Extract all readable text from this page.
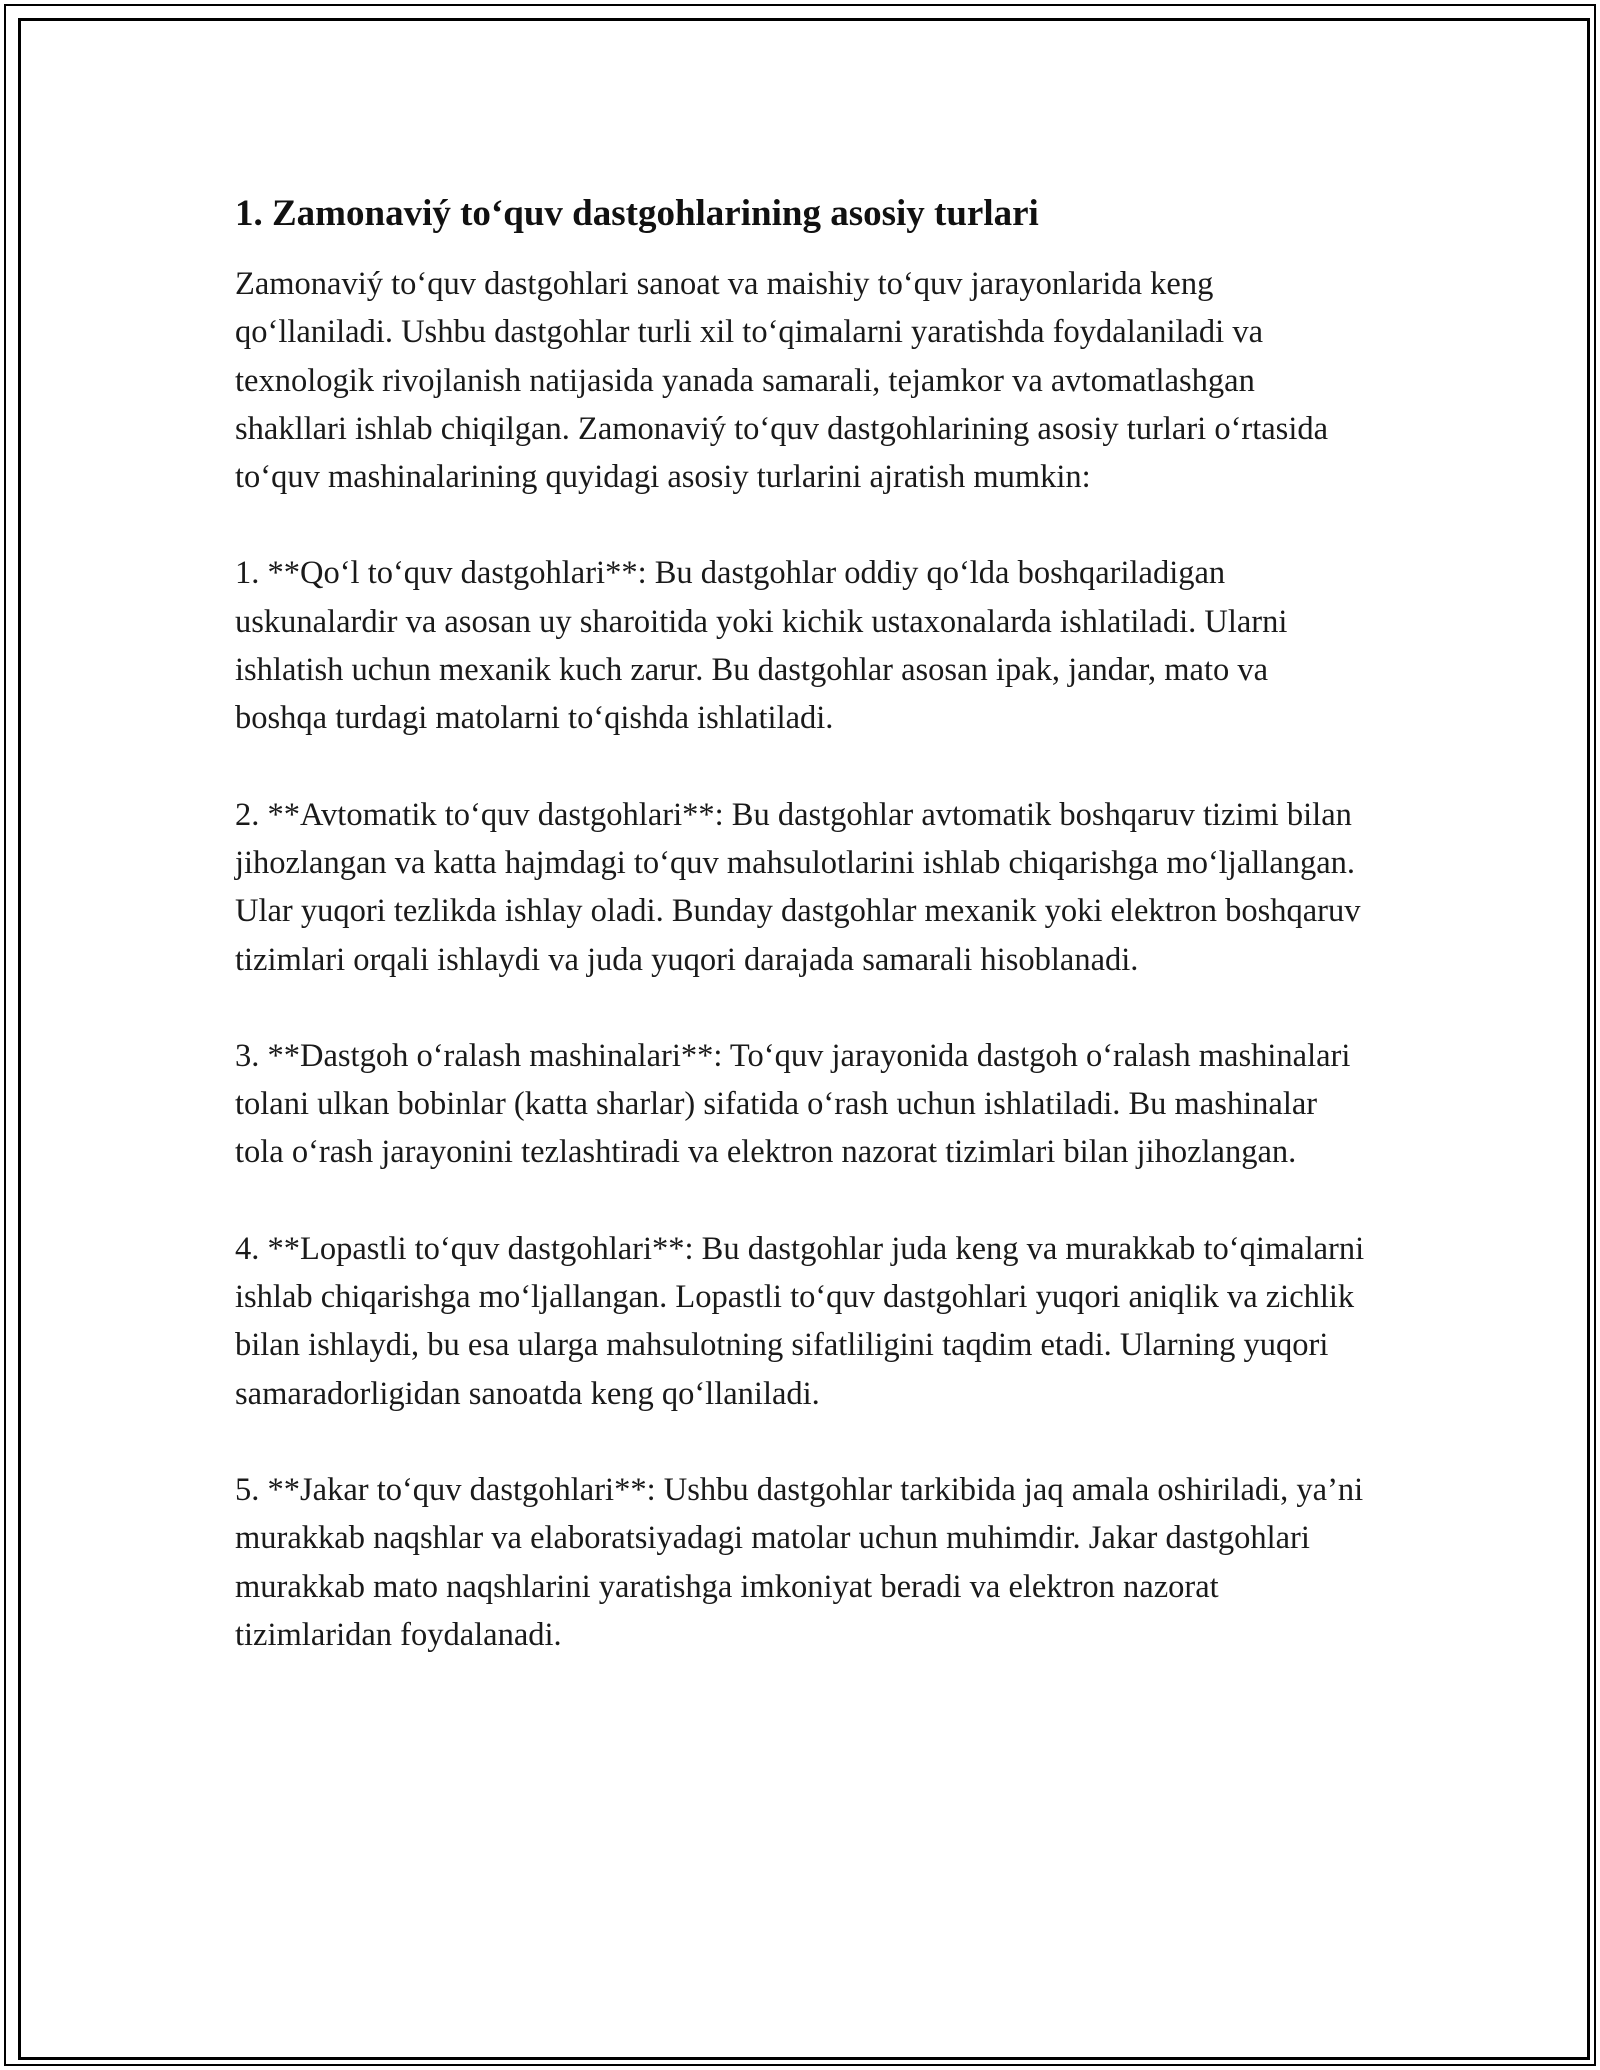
1. Zamonaviý to‘quv dastgohlarining asosiy turlari

Zamonaviý to‘quv dastgohlari sanoat va maishiy to‘quv jarayonlarida keng qo‘llaniladi. Ushbu dastgohlar turli xil to‘qimalarni yaratishda foydalaniladi va texnologik rivojlanish natijasida yanada samarali, tejamkor va avtomatlashgan shakllari ishlab chiqilgan. Zamonaviý to‘quv dastgohlarining asosiy turlari o‘rtasida to‘quv mashinalarining quyidagi asosiy turlarini ajratish mumkin:

1. **Qo‘l to‘quv dastgohlari**: Bu dastgohlar oddiy qo‘lda boshqariladigan uskunalardir va asosan uy sharoitida yoki kichik ustaxonalarda ishlatiladi. Ularni ishlatish uchun mexanik kuch zarur. Bu dastgohlar asosan ipak, jandar, mato va boshqa turdagi matolarni to‘qishda ishlatiladi.

2. **Avtomatik to‘quv dastgohlari**: Bu dastgohlar avtomatik boshqaruv tizimi bilan jihozlangan va katta hajmdagi to‘quv mahsulotlarini ishlab chiqarishga mo‘ljallangan. Ular yuqori tezlikda ishlay oladi. Bunday dastgohlar mexanik yoki elektron boshqaruv tizimlari orqali ishlaydi va juda yuqori darajada samarali hisoblanadi.

3. **Dastgoh o‘ralash mashinalari**: To‘quv jarayonida dastgoh o‘ralash mashinalari tolani ulkan bobinlar (katta sharlar) sifatida o‘rash uchun ishlatiladi. Bu mashinalar tola o‘rash jarayonini tezlashtiradi va elektron nazorat tizimlari bilan jihozlangan.

4. **Lopastli to‘quv dastgohlari**: Bu dastgohlar juda keng va murakkab to‘qimalarni ishlab chiqarishga mo‘ljallangan. Lopastli to‘quv dastgohlari yuqori aniqlik va zichlik bilan ishlaydi, bu esa ularga mahsulotning sifatliligini taqdim etadi. Ularning yuqori samaradorligidan sanoatda keng qo‘llaniladi.

5. **Jakar to‘quv dastgohlari**: Ushbu dastgohlar tarkibida jaq amala oshiriladi, ya’ni murakkab naqshlar va elaboratsiyadagi matolar uchun muhimdir. Jakar dastgohlari murakkab mato naqshlarini yaratishga imkoniyat beradi va elektron nazorat tizimlaridan foydalanadi.
